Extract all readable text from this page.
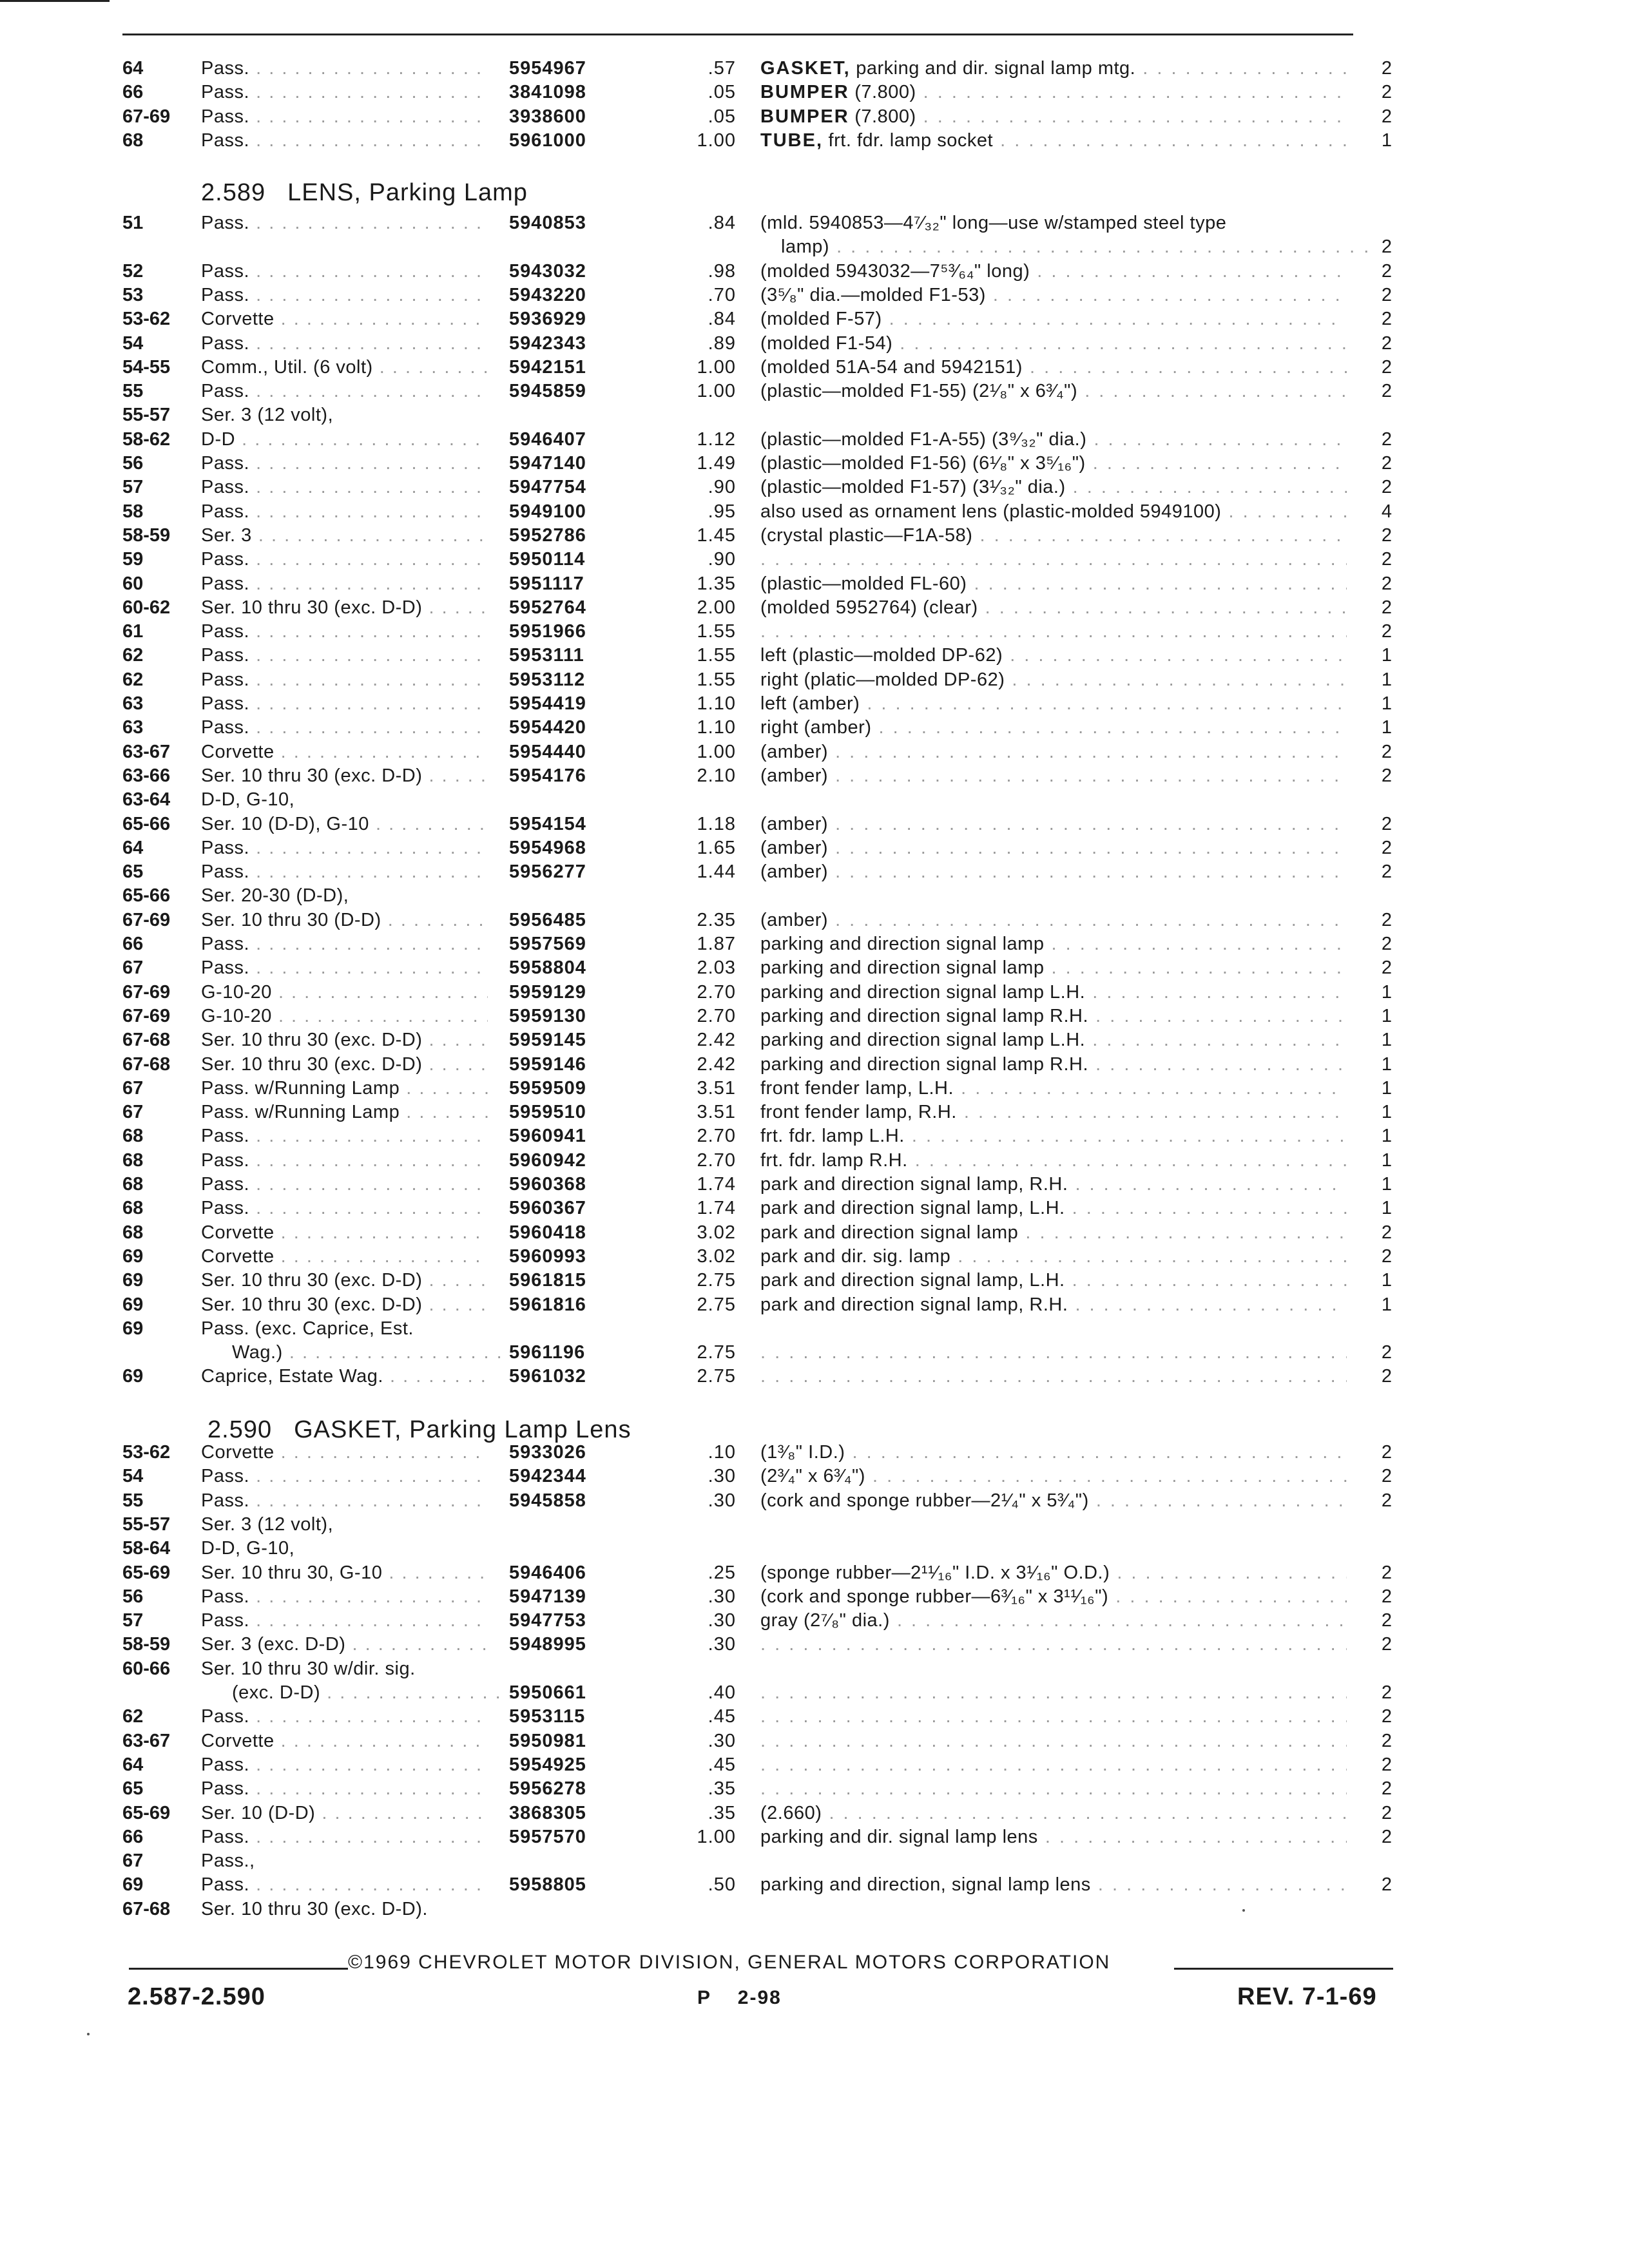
64	Pass. . . .	5954967	.57 GASKET, parking and dir. signal lamp mtg. . . .	2
66	Pass. . . .	3841098	.05 BUMPER (7.800) . . .	2
67-69 Pass. . . .	3938600	.05 BUMPER (7.800) . . .	2
68	Pass. . . .	5961000	1.00 TUBE, frt. fdr. lamp socket . . .	1
2.589 LENS, Parking Lamp
51	Pass. . . .	5940853	.84 (mld. 5940853—4⁷⁄₃₂" long—use w/stamped steel type
lamp) . . .	2
52	Pass. . . .	5943032	.98 (molded 5943032—7⁵³⁄₆₄" long) . . .	2
53	Pass. . . .	5943220	.70 (3⁵⁄₈" dia.—molded F1-53) . . .	2
53-62 Corvette . . .	5936929	.84 (molded F-57) . . .	2
54	Pass. . . .	5942343	.89 (molded F1-54) . . .	2
54-55 Comm., Util. (6 volt) . . .	5942151	1.00 (molded 51A-54 and 5942151) . . .	2
55	Pass. . . .	5945859	1.00 (plastic—molded F1-55) (2¹⁄₈" x 6³⁄₄") . . .	2
55-57 Ser. 3 (12 volt),
58-62 D-D . . .	5946407	1.12 (plastic—molded F1-A-55) (3⁹⁄₃₂" dia.) . . .	2
56	Pass. . . .	5947140	1.49 (plastic—molded F1-56) (6¹⁄₈" x 3⁵⁄₁₆") . . .	2
57	Pass. . . .	5947754	.90 (plastic—molded F1-57) (3¹⁄₃₂" dia.) . . .	2
58	Pass. . . .	5949100	.95 also used as ornament lens (plastic-molded 5949100) . . .	4
58-59 Ser. 3 . . .	5952786	1.45 (crystal plastic—F1A-58) . . .	2
59	Pass. . . .	5950114	.90 . . .	2
60	Pass. . . .	5951117	1.35 (plastic—molded FL-60) . . .	2
60-62 Ser. 10 thru 30 (exc. D-D) . . .	5952764	2.00 (molded 5952764) (clear) . . .	2
61	Pass. . . .	5951966	1.55 . . .	2
62	Pass. . . .	5953111	1.55 left (plastic—molded DP-62) . . .	1
62	Pass. . . .	5953112	1.55 right (platic—molded DP-62) . . .	1
63	Pass. . . .	5954419	1.10 left (amber) . . .	1
63	Pass. . . .	5954420	1.10 right (amber) . . .	1
63-67 Corvette . . .	5954440	1.00 (amber) . . .	2
63-66 Ser. 10 thru 30 (exc. D-D) . . .	5954176	2.10 (amber) . . .	2
63-64 D-D, G-10,
65-66 Ser. 10 (D-D), G-10 . . .	5954154	1.18 (amber) . . .	2
64	Pass. . . .	5954968	1.65 (amber) . . .	2
65	Pass. . . .	5956277	1.44 (amber) . . .	2
65-66 Ser. 20-30 (D-D),
67-69 Ser. 10 thru 30 (D-D) . . .	5956485	2.35 (amber) . . .	2
66	Pass. . . .	5957569	1.87 parking and direction signal lamp . . .	2
67	Pass. . . .	5958804	2.03 parking and direction signal lamp . . .	2
67-69 G-10-20 . . .	5959129	2.70 parking and direction signal lamp L.H. . . .	1
67-69 G-10-20 . . .	5959130	2.70 parking and direction signal lamp R.H. . . .	1
67-68 Ser. 10 thru 30 (exc. D-D) . . .	5959145	2.42 parking and direction signal lamp L.H. . . .	1
67-68 Ser. 10 thru 30 (exc. D-D) . . .	5959146	2.42 parking and direction signal lamp R.H. . . .	1
67	Pass. w/Running Lamp . . .	5959509	3.51 front fender lamp, L.H. . . .	1
67	Pass. w/Running Lamp . . .	5959510	3.51 front fender lamp, R.H. . . .	1
68	Pass. . . .	5960941	2.70 frt. fdr. lamp L.H. . . .	1
68	Pass. . . .	5960942	2.70 frt. fdr. lamp R.H. . . .	1
68	Pass. . . .	5960368	1.74 park and direction signal lamp, R.H. . . .	1
68	Pass. . . .	5960367	1.74 park and direction signal lamp, L.H. . . .	1
68	Corvette . . .	5960418	3.02 park and direction signal lamp . . .	2
69	Corvette . . .	5960993	3.02 park and dir. sig. lamp . . .	2
69	Ser. 10 thru 30 (exc. D-D) . . .	5961815	2.75 park and direction signal lamp, L.H. . . .	1
69	Ser. 10 thru 30 (exc. D-D) . . .	5961816	2.75 park and direction signal lamp, R.H. . . .	1
69	Pass. (exc. Caprice, Est.
Wag.) . . .	5961196	2.75 . . .	2
69	Caprice, Estate Wag. . . .	5961032	2.75 . . .	2
2.590 GASKET, Parking Lamp Lens
53-62 Corvette . . .	5933026	.10 (1³⁄₈" I.D.) . . .	2
54	Pass. . . .	5942344	.30 (2³⁄₄" x 6³⁄₄") . . .	2
55	Pass. . . .	5945858	.30 (cork and sponge rubber—2¹⁄₄" x 5³⁄₄") . . .	2
55-57 Ser. 3 (12 volt),
58-64 D-D, G-10,
65-69 Ser. 10 thru 30, G-10 . . .	5946406	.25 (sponge rubber—2¹¹⁄₁₆" I.D. x 3¹⁄₁₆" O.D.) . . .	2
56	Pass. . . .	5947139	.30 (cork and sponge rubber—6³⁄₁₆" x 3¹¹⁄₁₆") . . .	2
57	Pass. . . .	5947753	.30 gray (2⁷⁄₈" dia.) . . .	2
58-59 Ser. 3 (exc. D-D) . . .	5948995	.30 . . .	2
60-66 Ser. 10 thru 30 w/dir. sig.
(exc. D-D) . . .	5950661	.40 . . .	2
62	Pass. . . .	5953115	.45 . . .	2
63-67 Corvette . . .	5950981	.30 . . .	2
64	Pass. . . .	5954925	.45 . . .	2
65	Pass. . . .	5956278	.35 . . .	2
65-69 Ser. 10 (D-D) . . .	3868305	.35 (2.660) . . .	2
66	Pass. . . .	5957570	1.00 parking and dir. signal lamp lens . . .	2
67	Pass.,
69	Pass. . . .	5958805	.50 parking and direction, signal lamp lens . . .	2
67-68 Ser. 10 thru 30 (exc. D-D).
©1969 CHEVROLET MOTOR DIVISION, GENERAL MOTORS CORPORATION
2.587-2.590	P    2-98	REV. 7-1-69
